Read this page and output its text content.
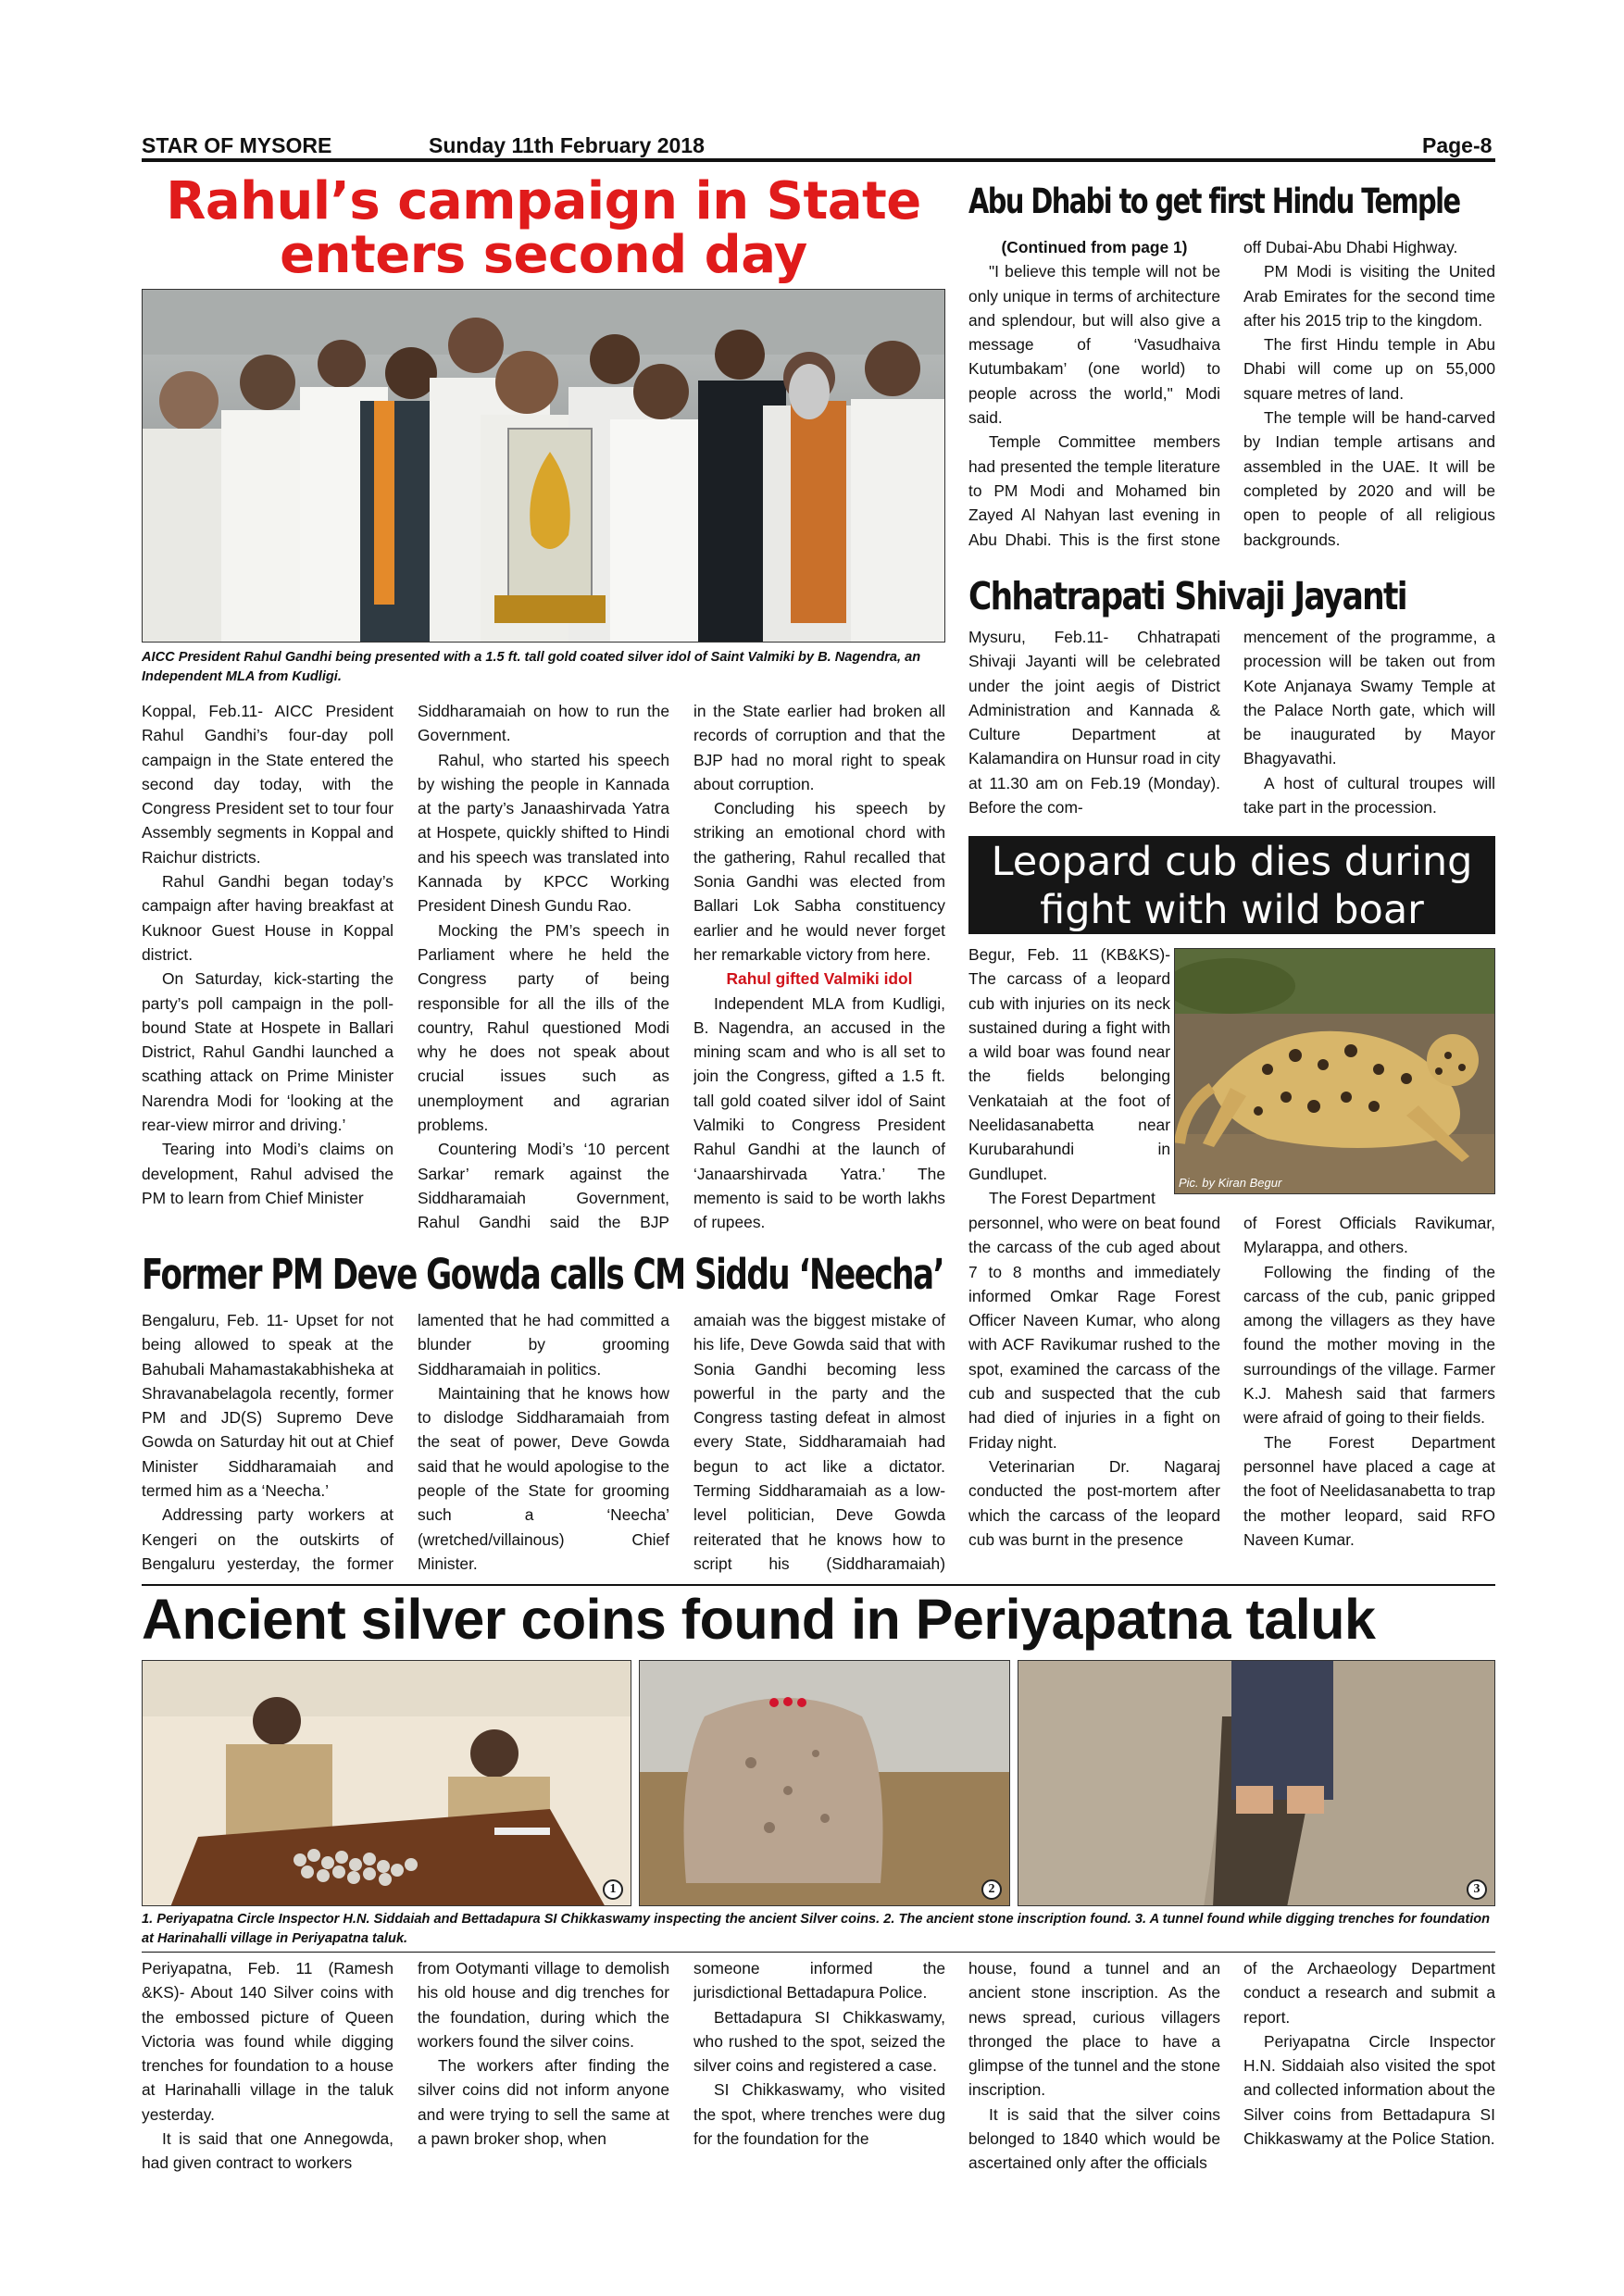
STAR OF MYSORE	Sunday 11th February 2018	Page-8
Rahul’s campaign in State
enters second day
AICC President Rahul Gandhi being presented with a 1.5 ft. tall gold coated silver idol of Saint Valmiki by B. Nagendra, an Independent MLA from Kudligi.

Koppal, Feb.11- AICC President Rahul Gandhi’s four-day poll campaign in the State entered the second day today, with the Congress President set to tour four Assembly segments in Koppal and Raichur districts.

Rahul Gandhi began today’s campaign after having breakfast at Kuknoor Guest House in Koppal district.

On Saturday, kick-starting the party’s poll campaign in the poll-bound State at Hospete in Ballari District, Rahul Gandhi launched a scathing attack on Prime Minister Narendra Modi for ‘looking at the rear-view mirror and driving.’

Tearing into Modi’s claims on development, Rahul advised the PM to learn from Chief Minister

Siddharamaiah on how to run the Government.

Rahul, who started his speech by wishing the people in Kannada at the party’s Janaashirvada Yatra at Hospete, quickly shifted to Hindi and his speech was translated into Kannada by KPCC Working President Dinesh Gundu Rao.

Mocking the PM’s speech in Parliament where he held the Congress party of being responsible for all the ills of the country, Rahul questioned Modi why he does not speak about crucial issues such as unemployment and agrarian problems.

Countering Modi’s ‘10 percent Sarkar’ remark against the Siddharamaiah Government, Rahul Gandhi said the BJP

in the State earlier had broken all records of corruption and that the BJP had no moral right to speak about corruption.

Concluding his speech by striking an emotional chord with the gathering, Rahul recalled that Sonia Gandhi was elected from Ballari Lok Sabha constituency earlier and he would never forget her remarkable victory from here.

Rahul gifted Valmiki idol

Independent MLA from Kudligi, B. Nagendra, an accused in the mining scam and who is all set to join the Congress, gifted a 1.5 ft. tall gold coated silver idol of Saint Valmiki to Congress President Rahul Gandhi at the launch of ‘Janaarshirvada Yatra.’ The memento is said to be worth lakhs of rupees.

Abu Dhabi to get first Hindu Temple

(Continued from page 1)

"I believe this temple will not be only unique in terms of architecture and splendour, but will also give a message of ‘Vasudhaiva Kutumbakam’ (one world) to people across the world," Modi said.

Temple Committee members had presented the temple literature to PM Modi and Mohamed bin Zayed Al Nahyan last evening in Abu Dhabi. This is the first stone

off Dubai-Abu Dhabi Highway.

PM Modi is visiting the United Arab Emirates for the second time after his 2015 trip to the kingdom.

The first Hindu temple in Abu Dhabi will come up on 55,000 square metres of land.

The temple will be hand-carved by Indian temple artisans and assembled in the UAE. It will be completed by 2020 and will be open to people of all religious backgrounds.

Chhatrapati Shivaji Jayanti

Mysuru, Feb.11- Chhatrapati Shivaji Jayanti will be celebrated under the joint aegis of District Administration and Kannada & Culture Department at Kalamandira on Hunsur road in city at 11.30 am on Feb.19 (Monday). Before the com-

mencement of the programme, a procession will be taken out from Kote Anjanaya Swamy Temple at the Palace North gate, which will be inaugurated by Mayor Bhagyavathi.

A host of cultural troupes will take part in the procession.

Leopard cub dies during
fight with wild boar

Begur, Feb. 11 (KB&KS)- The carcass of a leopard cub with injuries on its neck sustained during a fight with a wild boar was found near the fields belonging Venkataiah at the foot of Neelidasanabetta near Kurubarahundi in Gundlupet.

The Forest Department

Pic. by Kiran Begur

personnel, who were on beat found the carcass of the cub aged about 7 to 8 months and immediately informed Omkar Rage Forest Officer Naveen Kumar, who along with ACF Ravikumar rushed to the spot, examined the carcass of the cub and suspected that the cub had died of injuries in a fight on Friday night.

Veterinarian Dr. Nagaraj conducted the post-mortem after which the carcass of the leopard cub was burnt in the presence

of Forest Officials Ravikumar, Mylarappa, and others.

Following the finding of the carcass of the cub, panic gripped among the villagers as they have found the mother moving in the surroundings of the village. Farmer K.J. Mahesh said that farmers were afraid of going to their fields.

The Forest Department personnel have placed a cage at the foot of Neelidasanabetta to trap the mother leopard, said RFO Naveen Kumar.

Former PM Deve Gowda calls CM Siddu ‘Neecha’

Bengaluru, Feb. 11- Upset for not being allowed to speak at the Bahubali Mahamastakabhisheka at Shravanabelagola recently, former PM and JD(S) Supremo Deve Gowda on Saturday hit out at Chief Minister Siddharamaiah and termed him as a ‘Neecha.’

Addressing party workers at Kengeri on the outskirts of Bengaluru yesterday, the former

lamented that he had committed a blunder by grooming Siddharamaiah in politics.

Maintaining that he knows how to dislodge Siddharamaiah from the seat of power, Deve Gowda said that he would apologise to the people of the State for grooming such a ‘Neecha’ (wretched/villainous) Chief Minister.

amaiah was the biggest mistake of his life, Deve Gowda said that with Sonia Gandhi becoming less powerful in the party and the Congress tasting defeat in almost every State, Siddharamaiah had begun to act like a dictator. Terming Siddharamaiah as a low-level politician, Deve Gowda reiterated that he knows how to script his (Siddharamaiah)

Ancient silver coins found in Periyapatna taluk
1	2	3
1. Periyapatna Circle Inspector H.N. Siddaiah and Bettadapura SI Chikkaswamy inspecting the ancient Silver coins. 2. The ancient stone inscription found. 3. A tunnel found while digging trenches for foundation at Harinahalli village in Periyapatna taluk.

Periyapatna, Feb. 11 (Ramesh &KS)- About 140 Silver coins with the embossed picture of Queen Victoria was found while digging trenches for foundation to a house at Harinahalli village in the taluk yesterday.

It is said that one Annegowda, had given contract to workers

from Ootymanti village to demolish his old house and dig trenches for the foundation, during which the workers found the silver coins.

The workers after finding the silver coins did not inform anyone and were trying to sell the same at a pawn broker shop, when

someone informed the jurisdictional Bettadapura Police.

Bettadapura SI Chikkaswamy, who rushed to the spot, seized the silver coins and registered a case.

SI Chikkaswamy, who visited the spot, where trenches were dug for the foundation for the

house, found a tunnel and an ancient stone inscription. As the news spread, curious villagers thronged the place to have a glimpse of the tunnel and the stone inscription.

It is said that the silver coins belonged to 1840 which would be ascertained only after the officials

of the Archaeology Department conduct a research and submit a report.

Periyapatna Circle Inspector H.N. Siddaiah also visited the spot and collected information about the Silver coins from Bettadapura SI Chikkaswamy at the Police Station.
